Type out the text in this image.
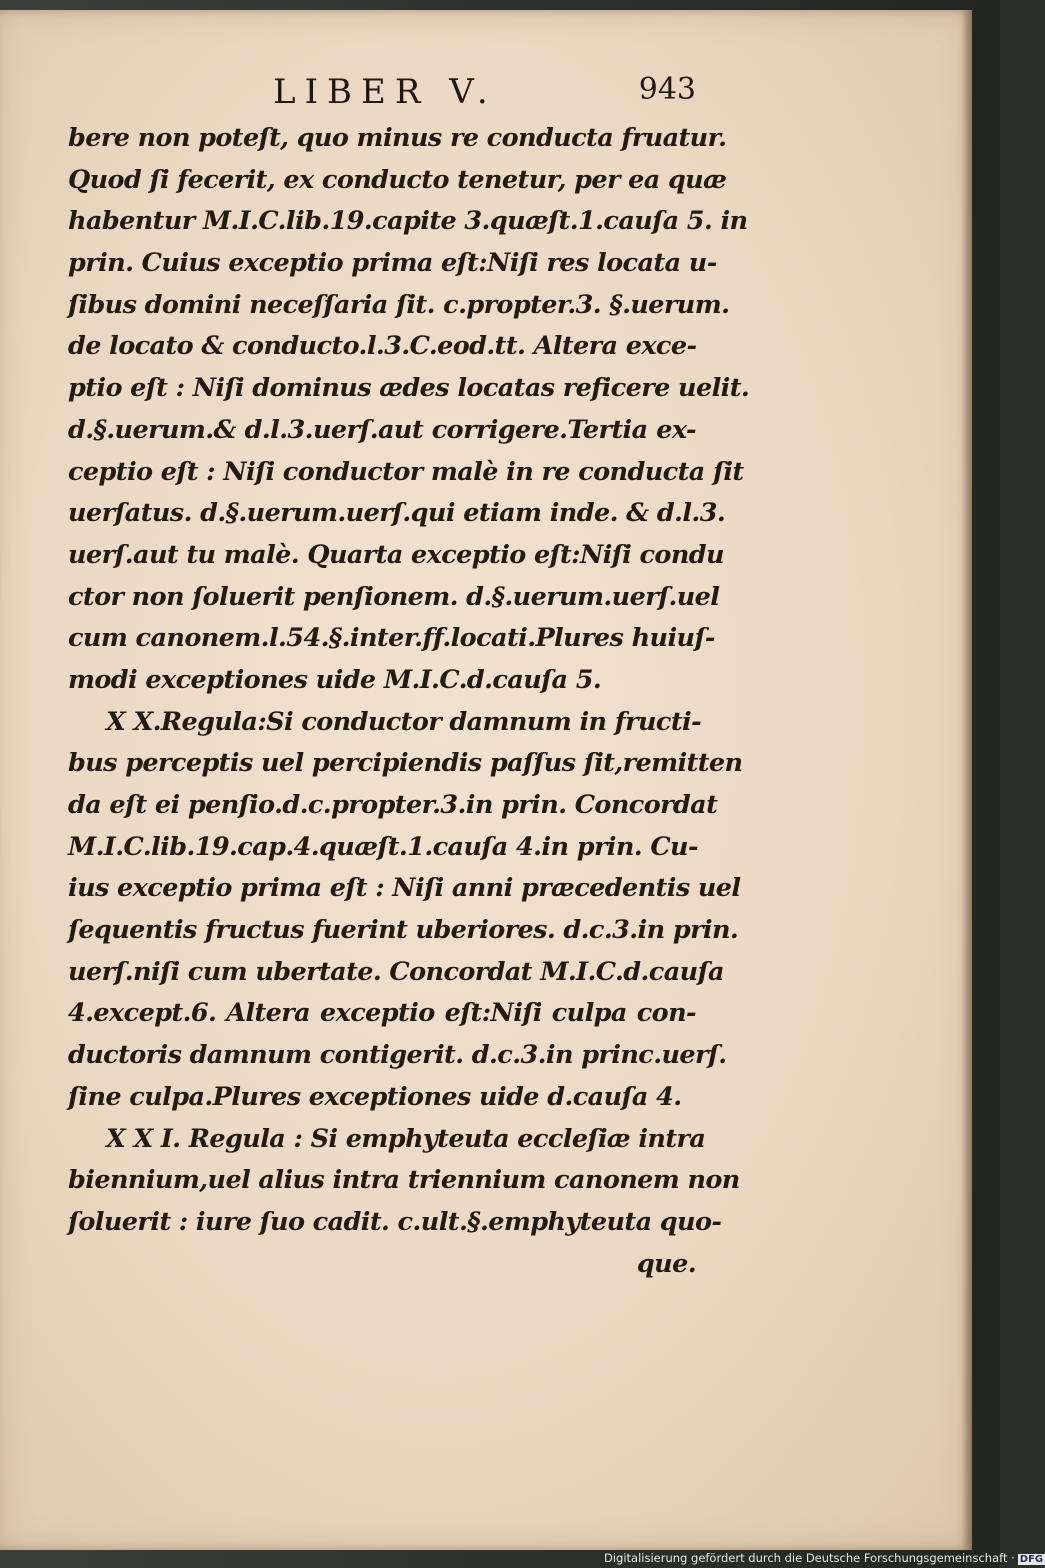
LIBER V.	943
bere non poteſt, quo minus re conducta fruatur.
Quod ſi fecerit, ex conducto tenetur, per ea quæ
habentur M.I.C.lib.19.capite 3.quæſt.1.cauſa 5. in
prin. Cuius exceptio prima eſt:Niſi res locata u-
ſibus domini neceſſaria ſit. c.propter.3. §.uerum.
de locato & conducto.l.3.C.eod.tt. Altera exce-
ptio eſt : Niſi dominus ædes locatas reficere uelit.
d.§.uerum.& d.l.3.uerſ.aut corrigere.Tertia ex-
ceptio eſt : Niſi conductor malè in re conducta ſit
uerſatus. d.§.uerum.uerſ.qui etiam inde. & d.l.3.
uerſ.aut tu malè. Quarta exceptio eſt:Niſi condu
ctor non ſoluerit penſionem. d.§.uerum.uerſ.uel
cum canonem.l.54.§.inter.ff.locati.Plures huiuſ-
modi exceptiones uide M.I.C.d.cauſa 5.
X X.Regula:Si conductor damnum in fructi-
bus perceptis uel percipiendis paſſus ſit,remitten
da eſt ei penſio.d.c.propter.3.in prin. Concordat
M.I.C.lib.19.cap.4.quæſt.1.cauſa 4.in prin. Cu-
ius exceptio prima eſt : Niſi anni præcedentis uel
ſequentis fructus fuerint uberiores. d.c.3.in prin.
uerſ.niſi cum ubertate. Concordat M.I.C.d.cauſa
4.except.6. Altera exceptio eſt:Niſi culpa con-
ductoris damnum contigerit. d.c.3.in princ.uerſ.
ſine culpa.Plures exceptiones uide d.cauſa 4.
X X I. Regula : Si emphyteuta eccleſiæ intra
biennium,uel alius intra triennium canonem non
ſoluerit : iure ſuo cadit. c.ult.§.emphyteuta quo-
que.
Digitalisierung gefördert durch die Deutsche Forschungsgemeinschaft · DFG
